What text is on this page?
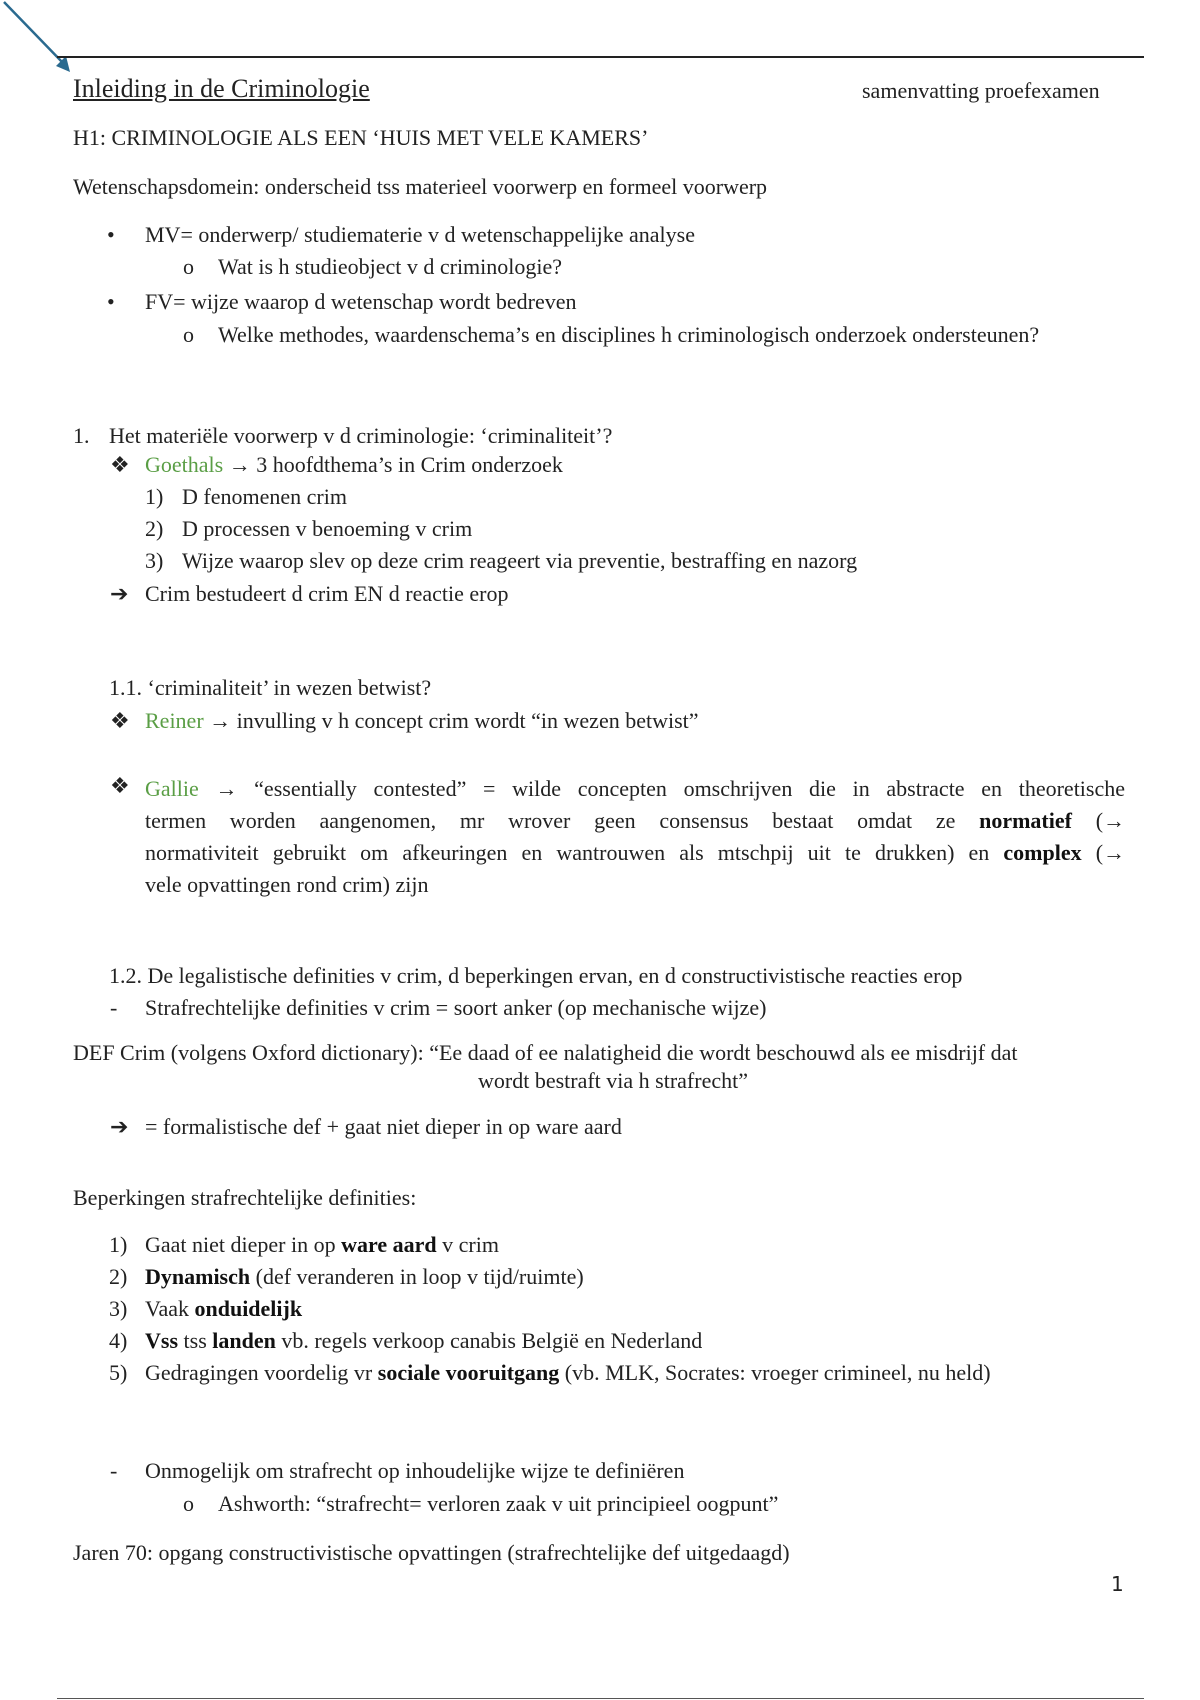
Inleiding in de Criminologie	samenvatting proefexamen
H1: CRIMINOLOGIE ALS EEN ‘HUIS MET VELE KAMERS’
Wetenschapsdomein: onderscheid tss materieel voorwerp en formeel voorwerp
• MV= onderwerp/ studiematerie v d wetenschappelijke analyse
o Wat is h studieobject v d criminologie?
• FV= wijze waarop d wetenschap wordt bedreven
o Welke methodes, waardenschema’s en disciplines h criminologisch onderzoek ondersteunen?
1. Het materiële voorwerp v d criminologie: ‘criminaliteit’?
❖ Goethals → 3 hoofdthema’s in Crim onderzoek
1) D fenomenen crim
2) D processen v benoeming v crim
3) Wijze waarop slev op deze crim reageert via preventie, bestraffing en nazorg
➔ Crim bestudeert d crim EN d reactie erop
1.1. ‘criminaliteit’ in wezen betwist?
❖ Reiner → invulling v h concept crim wordt “in wezen betwist”
❖ Gallie → “essentially contested” = wilde concepten omschrijven die in abstracte en theoretische
termen worden aangenomen, mr wrover geen consensus bestaat omdat ze normatief (→
normativiteit gebruikt om afkeuringen en wantrouwen als mtschpij uit te drukken) en complex (→
vele opvattingen rond crim) zijn
1.2. De legalistische definities v crim, d beperkingen ervan, en d constructivistische reacties erop
- Strafrechtelijke definities v crim = soort anker (op mechanische wijze)
DEF Crim (volgens Oxford dictionary): “Ee daad of ee nalatigheid die wordt beschouwd als ee misdrijf dat
wordt bestraft via h strafrecht”
➔ = formalistische def + gaat niet dieper in op ware aard
Beperkingen strafrechtelijke definities:
1) Gaat niet dieper in op ware aard v crim
2) Dynamisch (def veranderen in loop v tijd/ruimte)
3) Vaak onduidelijk
4) Vss tss landen vb. regels verkoop canabis België en Nederland
5) Gedragingen voordelig vr sociale vooruitgang (vb. MLK, Socrates: vroeger crimineel, nu held)
- Onmogelijk om strafrecht op inhoudelijke wijze te definiëren
o Ashworth: “strafrecht= verloren zaak v uit principieel oogpunt”
Jaren 70: opgang constructivistische opvattingen (strafrechtelijke def uitgedaagd)
1
